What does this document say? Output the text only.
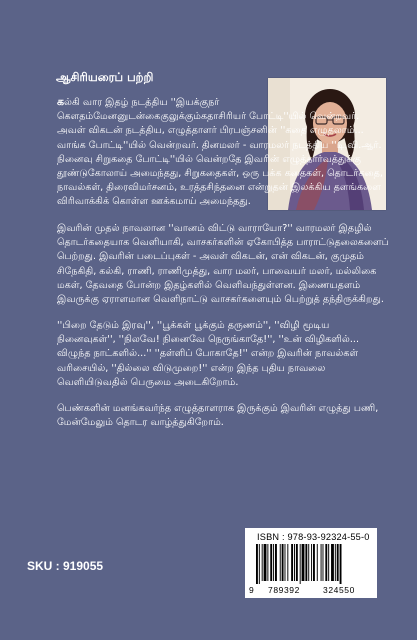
ஆசிரியரைப் பற்றி

கல்கி வார இதழ் நடத்திய ''இயக்குநர் கௌதம்மேனனுடன்கைகுலுக்கும்கதாசிரியர் போட்டி''யில் வென்றவர். அவள் விகடன் நடத்திய, எழுத்தாளர் பிரபஞ்சனின் ''கதை எழுதலாம்... வாங்க போட்டி''யில் வென்றவர். தினமலர் - வாரமலர் நடத்திய ''டி.வி.ஆர். நினைவு சிறுகதை போட்டி''யில் வென்றதே இவரின் எழுத்தார்வத்துக்கு தூண்டுகோலாய் அமைந்தது, சிறுகதைகள், ஒரு பக்க கதைகள், தொடர்கதை, நாவல்கள், திரைவிமர்சனம், உரத்தசிந்தனை என்றுதன் இலக்கிய தளங்களை விரிவாக்கிக் கொள்ள ஊக்கமாய் அமைந்தது.

இவரின் முதல் நாவலான ''வானம் விட்டு வாராயோ?'' வாரமலர் இதழில் தொடர்கதையாக வெளியாகி, வாசகர்களின் ஏகோபித்த பாராட்டுதலைகளைப் பெற்றது. இவரின் படைப்புகள் - அவள் விகடன், என் விகடன், குமுதம் சிநேகிதி, கல்கி, ராணி, ராணிமுத்து, வார மலர், பாவையர் மலர், மல்லிகை மகள், தேவதை போன்ற இதழ்களில் வெளிவந்துள்ளன. இணையதளம் இவருக்கு ஏராளமான வெளிநாட்டு வாசகர்களையும் பெற்றுத் தந்திருக்கிறது.

''பிறை தேடும் இரவு'', ''பூக்கள் பூக்கும் தருணம்'', ''விழி மூடிய நினைவுகள்'', ''நிலவே! நினைவே நெருங்காதே!'', ''உன் விழிகளில்... விழுந்த நாட்களில்...'' ''தள்ளிப் போகாதே!'' என்ற இவரின் நாவல்கள் வரிசையில், ''தில்லை விடுமுறை!'' என்ற இந்த புதிய நாவலை வெளியிடுவதில் பெருமை அடைகிறோம்.

பெண்களின் மனங்கவர்ந்த எழுத்தாளராக இருக்கும் இவரின் எழுத்து பணி, மேன்மேலும் தொடர வாழ்த்துகிறோம்.

SKU : 919055
ISBN : 978-93-92324-55-0
9 789392	324550
